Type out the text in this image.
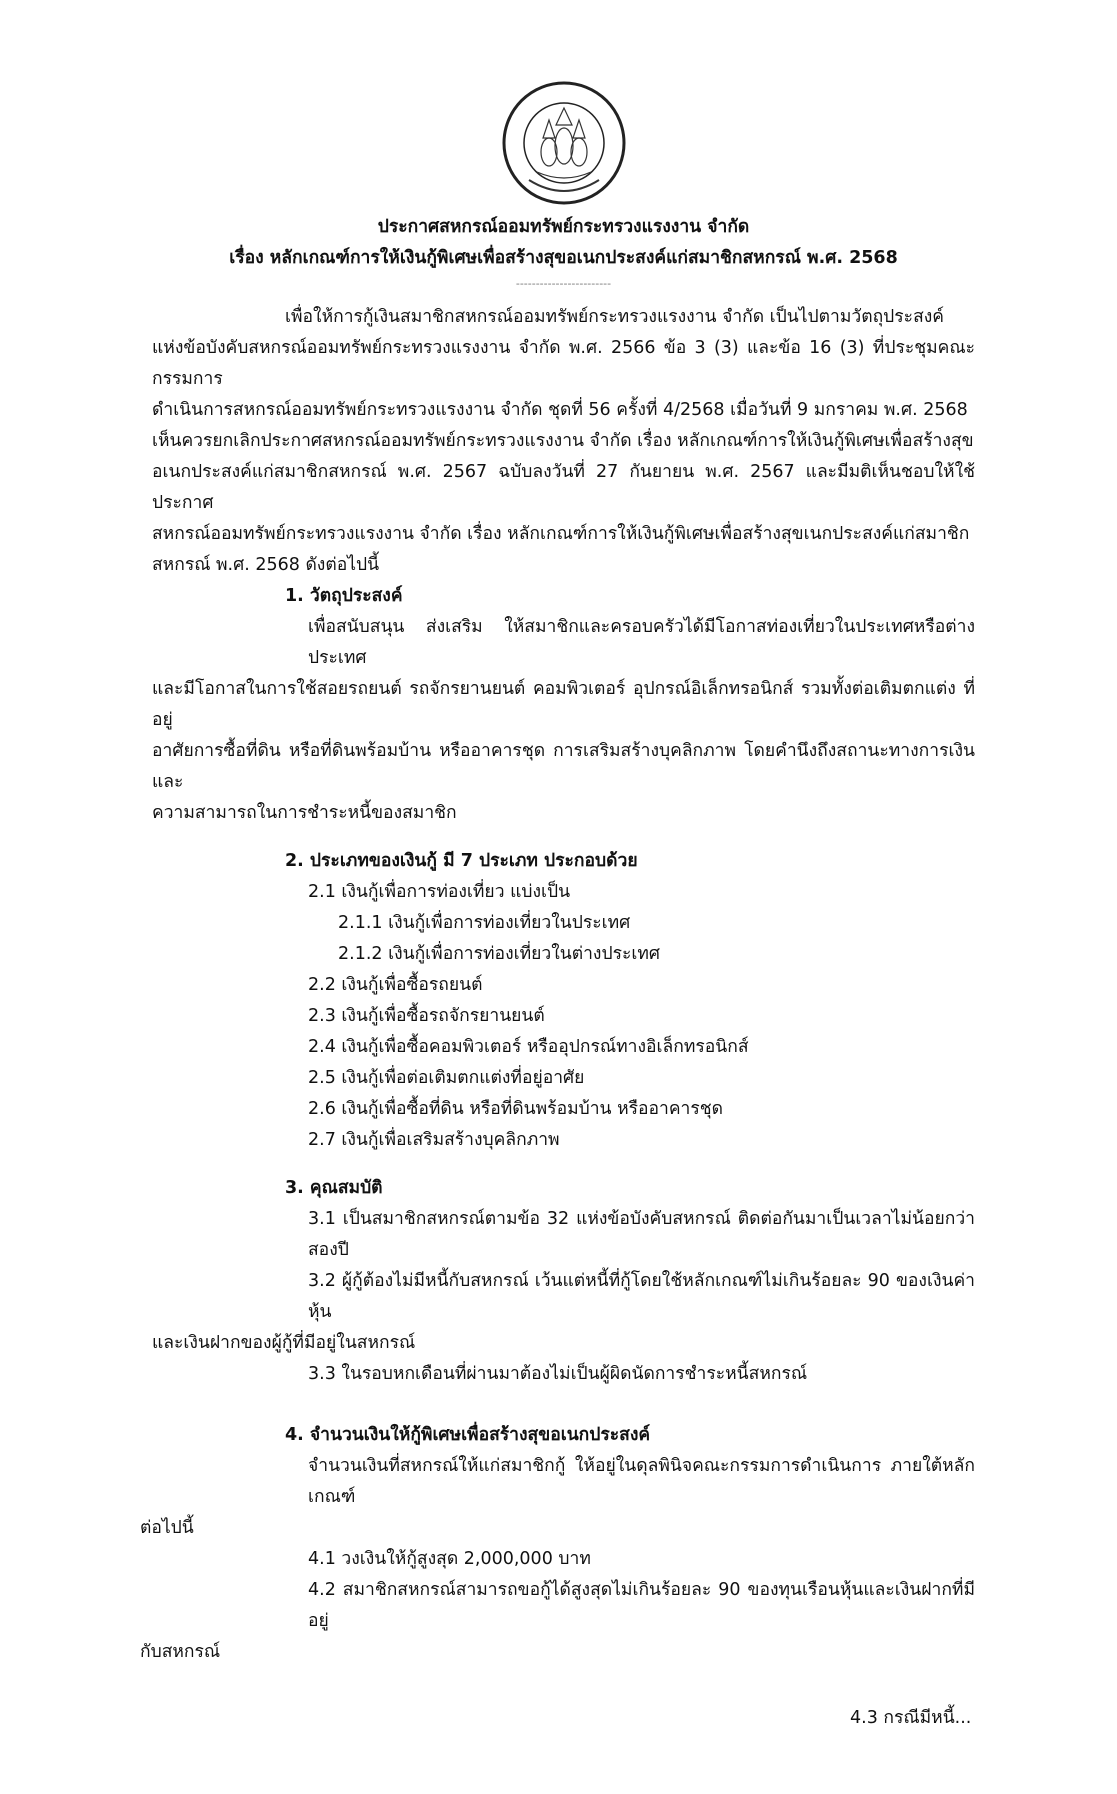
ประกาศสหกรณ์ออมทรัพย์กระทรวงแรงงาน จำกัด
เรื่อง หลักเกณฑ์การให้เงินกู้พิเศษเพื่อสร้างสุขอเนกประสงค์แก่สมาชิกสหกรณ์ พ.ศ. 2568
------------------------
เพื่อให้การกู้เงินสมาชิกสหกรณ์ออมทรัพย์กระทรวงแรงงาน จำกัด เป็นไปตามวัตถุประสงค์
แห่งข้อบังคับสหกรณ์ออมทรัพย์กระทรวงแรงงาน จำกัด พ.ศ. 2566 ข้อ 3 (3) และข้อ 16 (3) ที่ประชุมคณะกรรมการ
ดำเนินการสหกรณ์ออมทรัพย์กระทรวงแรงงาน จำกัด ชุดที่ 56 ครั้งที่ 4/2568 เมื่อวันที่ 9 มกราคม พ.ศ. 2568
เห็นควรยกเลิกประกาศสหกรณ์ออมทรัพย์กระทรวงแรงงาน จำกัด เรื่อง หลักเกณฑ์การให้เงินกู้พิเศษเพื่อสร้างสุข
อเนกประสงค์แก่สมาชิกสหกรณ์ พ.ศ. 2567 ฉบับลงวันที่ 27 กันยายน พ.ศ. 2567 และมีมติเห็นชอบให้ใช้ประกาศ
สหกรณ์ออมทรัพย์กระทรวงแรงงาน จำกัด เรื่อง หลักเกณฑ์การให้เงินกู้พิเศษเพื่อสร้างสุขเนกประสงค์แก่สมาชิก
สหกรณ์ พ.ศ. 2568 ดังต่อไปนี้
1. วัตถุประสงค์
เพื่อสนับสนุน ส่งเสริม ให้สมาชิกและครอบครัวได้มีโอกาสท่องเที่ยวในประเทศหรือต่างประเทศ
และมีโอกาสในการใช้สอยรถยนต์ รถจักรยานยนต์ คอมพิวเตอร์ อุปกรณ์อิเล็กทรอนิกส์ รวมทั้งต่อเติมตกแต่ง ที่อยู่
อาศัยการซื้อที่ดิน หรือที่ดินพร้อมบ้าน หรืออาคารชุด การเสริมสร้างบุคลิกภาพ โดยคำนึงถึงสถานะทางการเงินและ
ความสามารถในการชำระหนี้ของสมาชิก
2. ประเภทของเงินกู้ มี 7 ประเภท ประกอบด้วย
2.1 เงินกู้เพื่อการท่องเที่ยว แบ่งเป็น
2.1.1 เงินกู้เพื่อการท่องเที่ยวในประเทศ
2.1.2 เงินกู้เพื่อการท่องเที่ยวในต่างประเทศ
2.2 เงินกู้เพื่อซื้อรถยนต์
2.3 เงินกู้เพื่อซื้อรถจักรยานยนต์
2.4 เงินกู้เพื่อซื้อคอมพิวเตอร์ หรืออุปกรณ์ทางอิเล็กทรอนิกส์
2.5 เงินกู้เพื่อต่อเติมตกแต่งที่อยู่อาศัย
2.6 เงินกู้เพื่อซื้อที่ดิน หรือที่ดินพร้อมบ้าน หรืออาคารชุด
2.7 เงินกู้เพื่อเสริมสร้างบุคลิกภาพ
3. คุณสมบัติ
3.1 เป็นสมาชิกสหกรณ์ตามข้อ 32 แห่งข้อบังคับสหกรณ์ ติดต่อกันมาเป็นเวลาไม่น้อยกว่าสองปี
3.2 ผู้กู้ต้องไม่มีหนี้กับสหกรณ์ เว้นแต่หนี้ที่กู้โดยใช้หลักเกณฑ์ไม่เกินร้อยละ 90 ของเงินค่าหุ้น
และเงินฝากของผู้กู้ที่มีอยู่ในสหกรณ์
3.3 ในรอบหกเดือนที่ผ่านมาต้องไม่เป็นผู้ผิดนัดการชำระหนี้สหกรณ์
4. จำนวนเงินให้กู้พิเศษเพื่อสร้างสุขอเนกประสงค์
จำนวนเงินที่สหกรณ์ให้แก่สมาชิกกู้ ให้อยู่ในดุลพินิจคณะกรรมการดำเนินการ ภายใต้หลักเกณฑ์
ต่อไปนี้
4.1 วงเงินให้กู้สูงสุด 2,000,000 บาท
4.2 สมาชิกสหกรณ์สามารถขอกู้ได้สูงสุดไม่เกินร้อยละ 90 ของทุนเรือนหุ้นและเงินฝากที่มีอยู่
กับสหกรณ์
4.3 กรณีมีหนี้...
